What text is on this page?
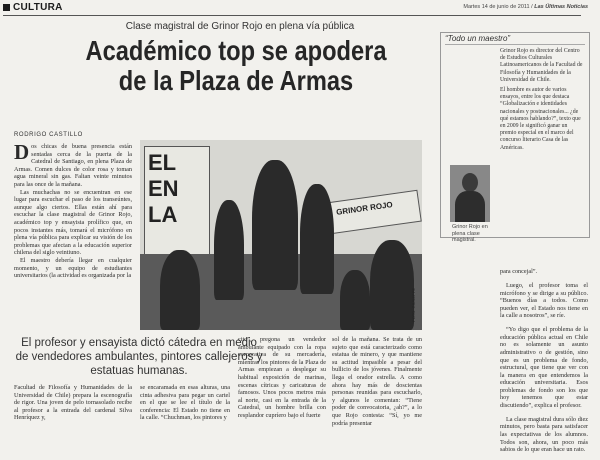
CULTURA	Martes 14 de junio de 2011 / Las Últimas Noticias
Clase magistral de Grinor Rojo en plena vía pública
Académico top se apodera de la Plaza de Armas
RODRIGO CASTILLO

Dos chicas de buena presencia están sentadas cerca de la puerta de la Catedral de Santiago, en plena Plaza de Armas. Comen dulces de color rosa y toman agua mineral sin gas. Faltan veinte minutos para las once de la mañana.

Las muchachas no se encuentran en ese lugar para escuchar el paso de los transeúntes, aunque algo ciertos. Ellas están ahí para escuchar la clase magistral de Grinor Rojo, académico top y ensayista prolífico que, en pocos instantes más, tomará el micrófono en plena vía pública para explicar su visión de los problemas que afectan a la educación superior chilena del siglo veintiuno.

El maestro debería llegar en cualquier momento, y un equipo de estudiantes universitarios (la actividad es organizada por la

EL EN LA	GRINOR ROJO
FOTO: GIUSEPPE
El profesor y ensayista dictó cátedra en medio de vendedores ambulantes, pintores callejeros y estatuas humanas.
Facultad de Filosofía y Humanidades de la Universidad de Chile) prepara la escenografía de rigor. Una joven de pelo tornasolado recibe al profesor a la entrada del cardenal Silva Henríquez y,
se encaramada en esas alturas, una cinta adhesiva para pegar un cartel en el que se lee el título de la conferencia: El Estado no tiene en la calle. “Chuchman, los pintores y
cito”, pregona un vendedor ambulante equipado con la ropa corporativa de su mercadería, mientras los pintores de la Plaza de Armas empiezan a desplegar su habitual exposición de marinas, escenas cítricas y caricaturas de famosos. Unos pocos metros más al norte, casi en la entrada de la Catedral, un hombre brilla con resplandor cupríero bajo el fuerte
sol de la mañana. Se trata de un sujeto que está caracterizado como estatua de minero, y que mantiene su actitud impasible a pesar del bullicio de los jóvenes. Finalmente llega el orador estrella. A como ahora hay más de doscientas personas reunidas para escucharlo, y algunos le comentan: “Tiene poder de convocatoria, ¿ah?”, a lo que Rojo contesta: “Sí, yo me podría presentar
“Todo un maestro”
Grinor Rojo es director del Centro de Estudios Culturales Latinoamericanos de la Facultad de Filosofía y Humanidades de la Universidad de Chile.
El hombre es autor de varios ensayos, entre los que destaca “Globalización e identidades nacionales y postnacionales... ¿de qué estamos hablando?”, texto que en 2009 le significó ganar un premio especial en el marco del concurso literario Casa de las Américas.
Grinor Rojo en plena clase magistral.

para concejal”.

Luego, el profesor toma el micrófono y se dirige a su público. “Buenos días a todos. Como pueden ver, el Estado nos tiene en la calle a nosotros”, se ríe.

“Yo digo que el problema de la educación pública actual en Chile no es solamente un asunto administrativo o de gestión, sino que es un problema de fondo, estructural, que tiene que ver con la manera en que entendemos la educación universitaria. Esos problemas de fondo son los que hoy tenemos que estar discutiendo”, explica el profesor.

La clase magistral dura sólo diez minutos, pero basta para satisfacer las expectativas de los alumnos. Todos son, ahora, un poco más sabios de lo que eran hace un rato.
